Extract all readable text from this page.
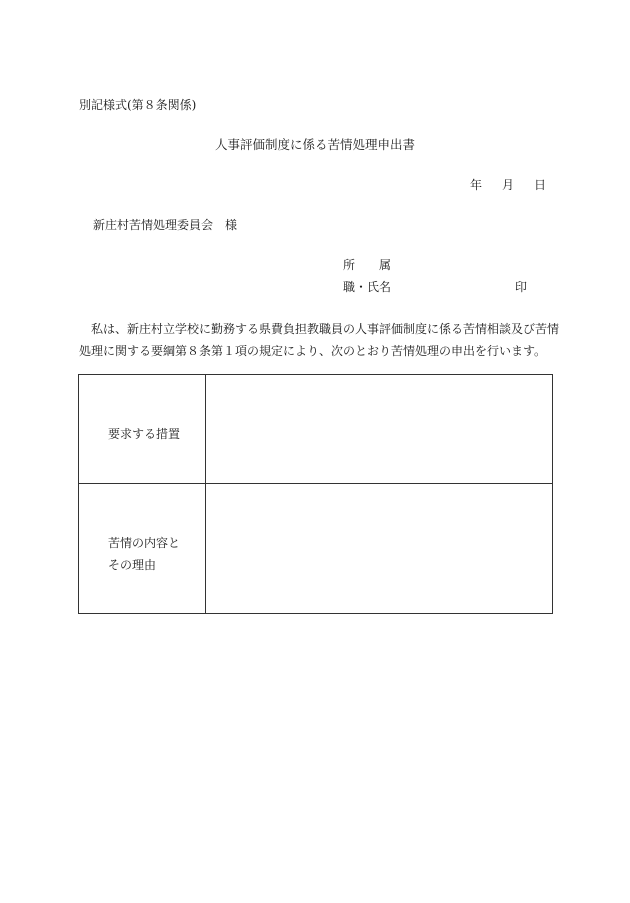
別記様式(第８条関係)
人事評価制度に係る苦情処理申出書
年 月 日
新庄村苦情処理委員会　様
所　　属
職・氏名	印
　私は、新庄村立学校に勤務する県費負担教職員の人事評価制度に係る苦情相談及び苦情
処理に関する要綱第８条第１項の規定により、次のとおり苦情処理の申出を行います。
要求する措置
苦情の内容と
その理由
